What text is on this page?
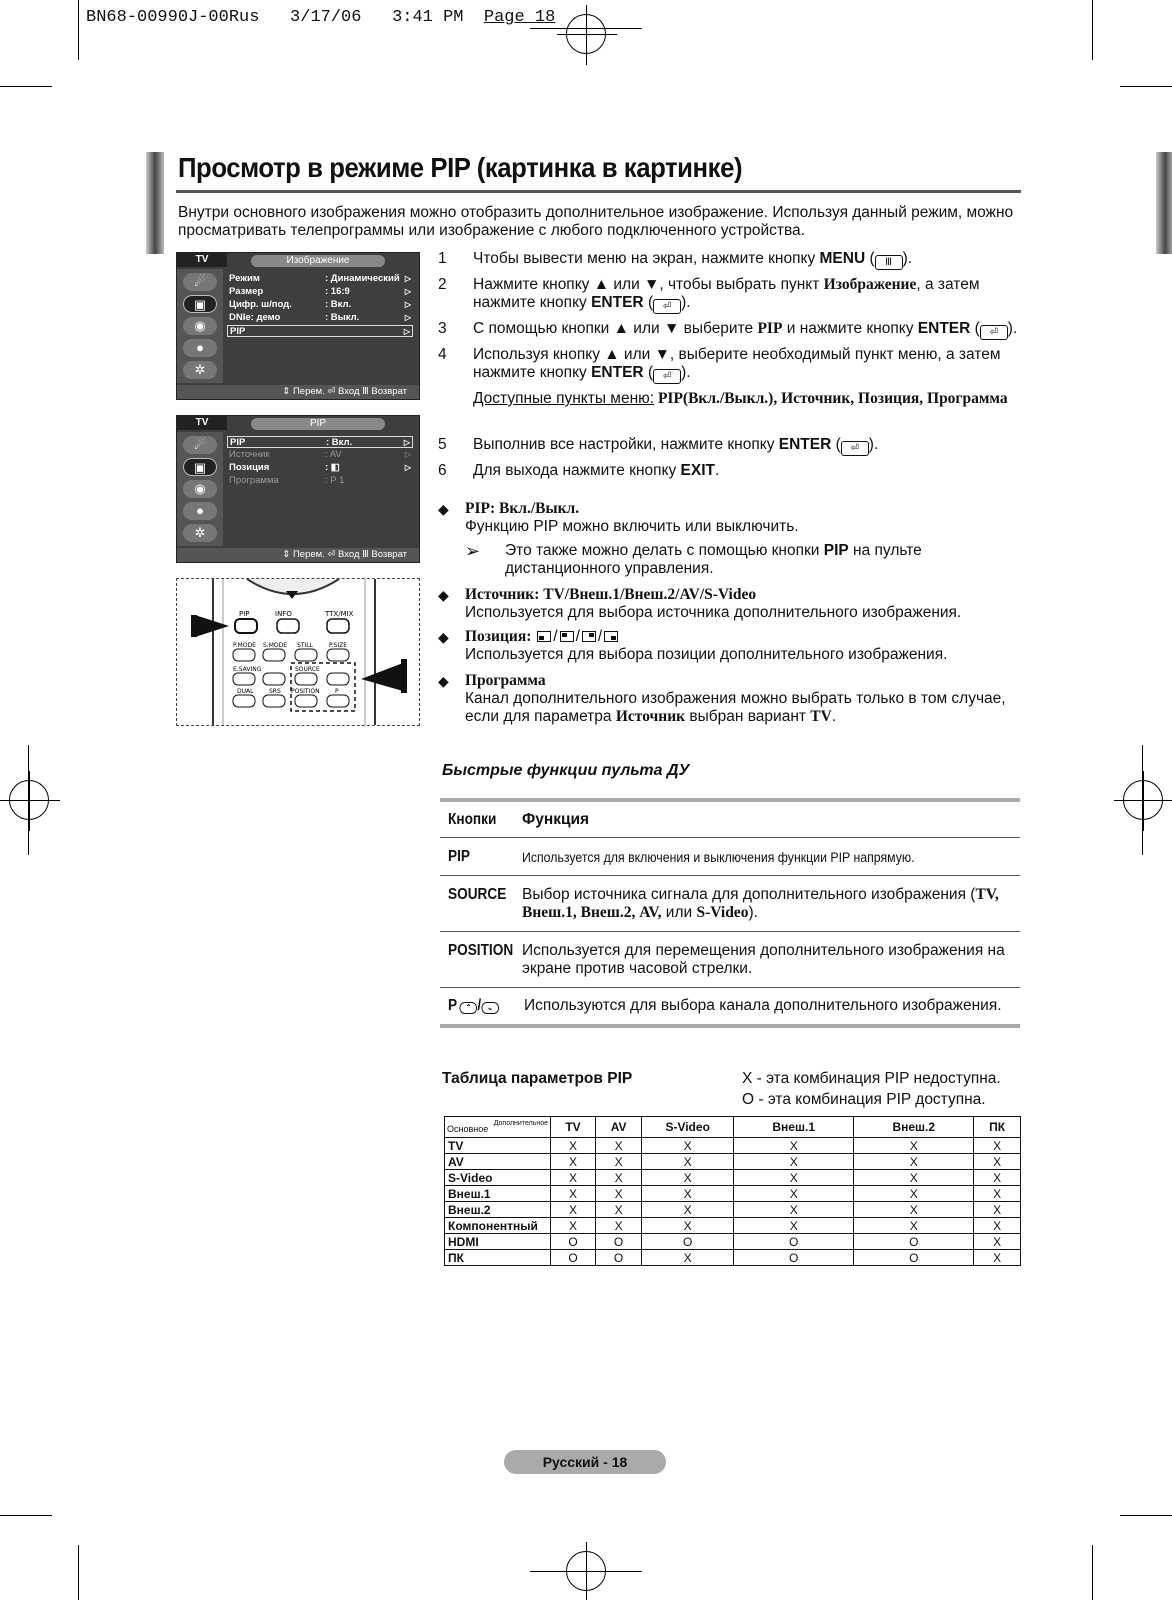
BN68-00990J-00Rus 3/17/06 3:41 PM Page 18
Просмотр в режиме PIP (картинка в картинке)
Внутри основного изображения можно отобразить дополнительное изображение. Используя данный режим, можно просматривать телепрограммы или изображение с любого подключенного устройства.
TV	Изображение
☄
▣
◉
●
✲
Режим	: Динамический ▷
Размер	: 16:9	▷
Цифр. ш/под.	: Вкл.	▷
DNIe: демо	: Выкл.	▷
PIP	▷
⇕ Перем. ⏎ Вход Ⅲ Возврат
TV	PIP
☄
▣
◉
●
✲
PIP	: Вкл.	▷
Источник	: AV	▷
Позиция	: ◧	▷
Программа	: P 1
⇕ Перем. ⏎ Вход Ⅲ Возврат
PIP	INFO	TTX/MIX
P.MODE S.MODE STILL	P.SIZE
E.SAVING	SOURCE
DUAL	SRS POSITION	P
1 Чтобы вывести меню на экран, нажмите кнопку MENU ( Ⅲ ).
2 Нажмите кнопку ▲ или ▼, чтобы выбрать пункт Изображение, а затем нажмите кнопку ENTER ( ⏎ ).
3 С помощью кнопки ▲ или ▼ выберите PIP и нажмите кнопку ENTER ( ⏎ ).
4 Используя кнопку ▲ или ▼, выберите необходимый пункт меню, а затем нажмите кнопку ENTER ( ⏎ ).
Доступные пункты меню: PIP(Вкл./Выкл.), Источник, Позиция, Программа
5 Выполнив все настройки, нажмите кнопку ENTER ( ⏎ ).
6 Для выхода нажмите кнопку EXIT.
◆ PIP: Вкл./Выкл.
Функцию PIP можно включить или выключить.
➢ Это также можно делать с помощью кнопки PIP на пульте дистанционного управления.
◆ Источник: TV/Внеш.1/Внеш.2/AV/S-Video
Используется для выбора источника дополнительного изображения.
◆ Позиция:
/ / /

Используется для выбора позиции дополнительного изображения.
◆ Программа
Канал дополнительного изображения можно выбрать только в том случае, если для параметра Источник выбран вариант TV.
Быстрые функции пульта ДУ
Кнопки Функция
PIP	Используется для включения и выключения функции PIP напрямую.
SOURCE Выбор источника сигнала для дополнительного изображения (TV, Внеш.1, Внеш.2, AV, или S-Video).
POSITION Используется для перемещения дополнительного изображения на экране против часовой стрелки.
P ⌃ / ⌄	Используются для выбора канала дополнительного изображения.
Таблица параметров PIP	X - эта комбинация PIP недоступна.
O - эта комбинация PIP доступна.
Основное
Дополнительное	TV	AV	S-Video	Внеш.1	Внеш.2	ПК
TV	X	X	X	X	X	X
AV	X	X	X	X	X	X
S-Video	X	X	X	X	X	X
Внеш.1	X	X	X	X	X	X
Внеш.2	X	X	X	X	X	X
Компонентный	X	X	X	X	X	X
HDMI	O	O	O	O	O	X
ПК	O	O	X	O	O	X
Русский - 18
